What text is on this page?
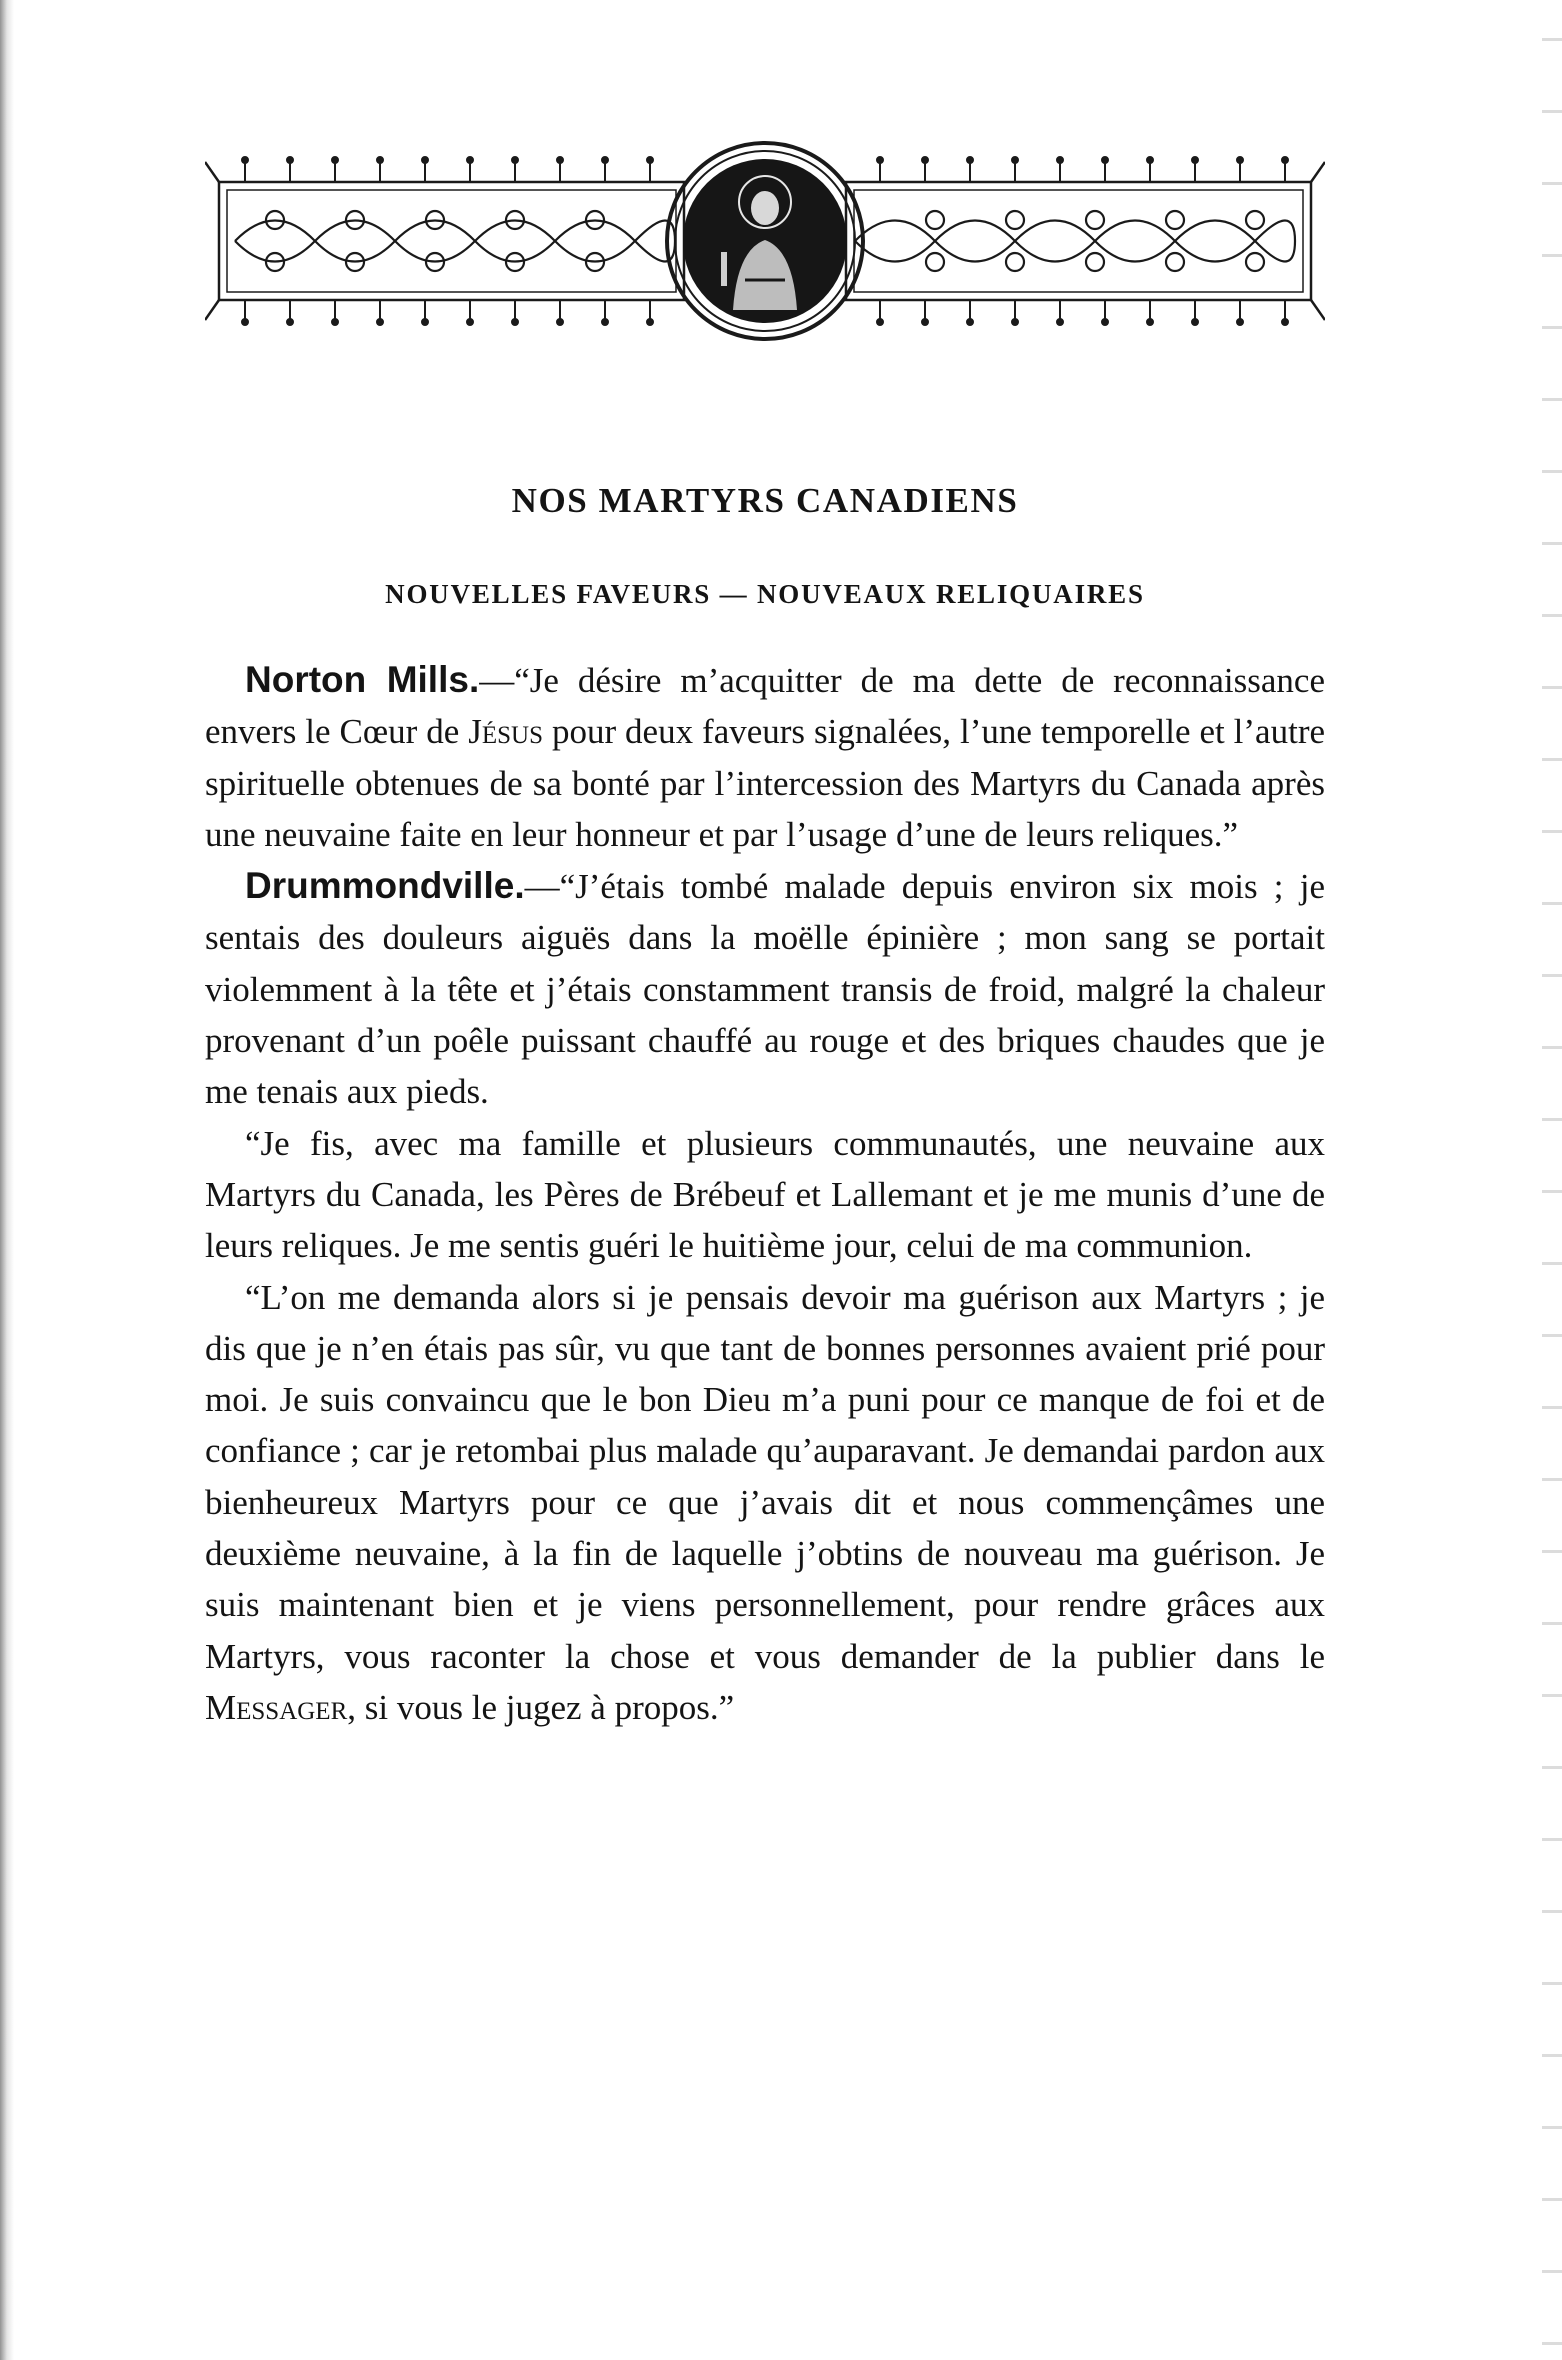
NOS MARTYRS CANADIENS
NOUVELLES FAVEURS — NOUVEAUX RELIQUAIRES

Norton Mills.—“Je désire m’acquitter de ma dette de reconnaissance envers le Cœur de Jésus pour deux faveurs signalées, l’une temporelle et l’autre spirituelle obtenues de sa bonté par l’intercession des Martyrs du Canada après une neuvaine faite en leur honneur et par l’usage d’une de leurs reliques.”

Drummondville.—“J’étais tombé malade depuis environ six mois ; je sentais des douleurs aiguës dans la moëlle épinière ; mon sang se portait violemment à la tête et j’étais constamment transis de froid, malgré la chaleur provenant d’un poêle puissant chauffé au rouge et des briques chaudes que je me tenais aux pieds.

“Je fis, avec ma famille et plusieurs communautés, une neuvaine aux Martyrs du Canada, les Pères de Brébeuf et Lallemant et je me munis d’une de leurs reliques. Je me sentis guéri le huitième jour, celui de ma communion.

“L’on me demanda alors si je pensais devoir ma guérison aux Martyrs ; je dis que je n’en étais pas sûr, vu que tant de bonnes personnes avaient prié pour moi. Je suis convaincu que le bon Dieu m’a puni pour ce manque de foi et de confiance ; car je retombai plus malade qu’auparavant. Je demandai pardon aux bienheureux Martyrs pour ce que j’avais dit et nous commençâmes une deuxième neuvaine, à la fin de laquelle j’obtins de nouveau ma guérison. Je suis maintenant bien et je viens personnellement, pour rendre grâces aux Martyrs, vous raconter la chose et vous demander de la publier dans le Messager, si vous le jugez à propos.”
